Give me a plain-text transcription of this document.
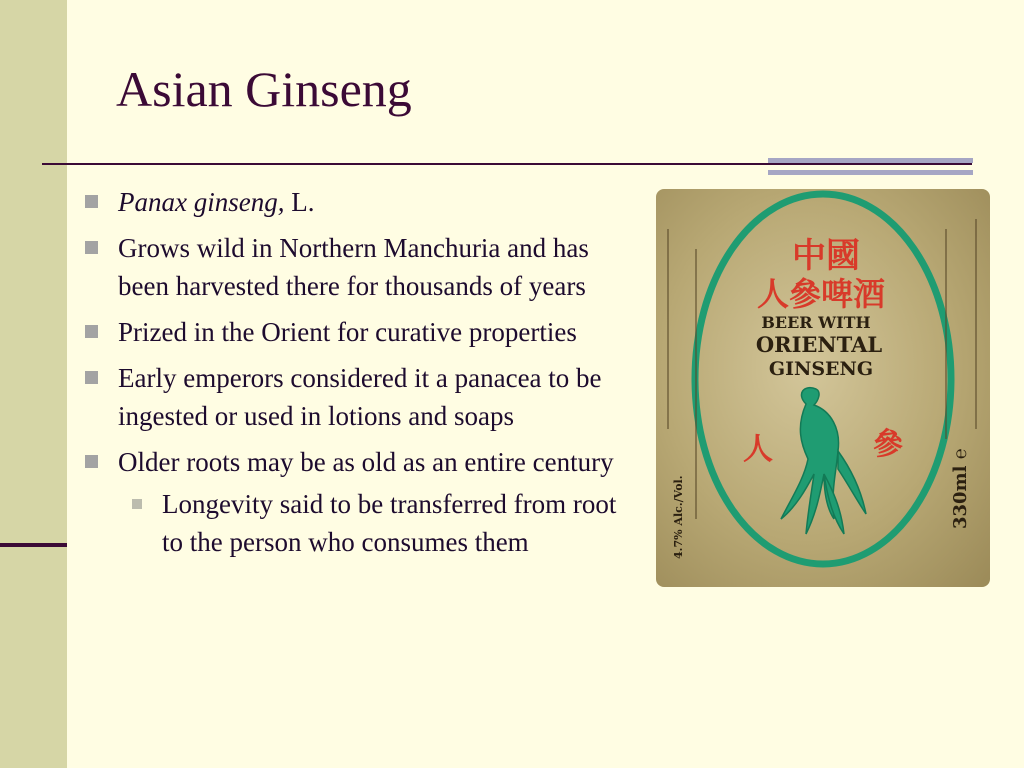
Asian Ginseng
Panax ginseng, L.
Grows wild in Northern Manchuria and has been harvested there for thousands of years
Prized in the Orient for curative properties
Early emperors considered it a panacea to be ingested or used in lotions and soaps
Older roots may be as old as an entire century
Longevity said to be transferred from root to the person who consumes them
中國
人參啤酒
BEER WITH
ORIENTAL
GINSENG
人	參
330ml ℮
4.7% Alc./Vol.
